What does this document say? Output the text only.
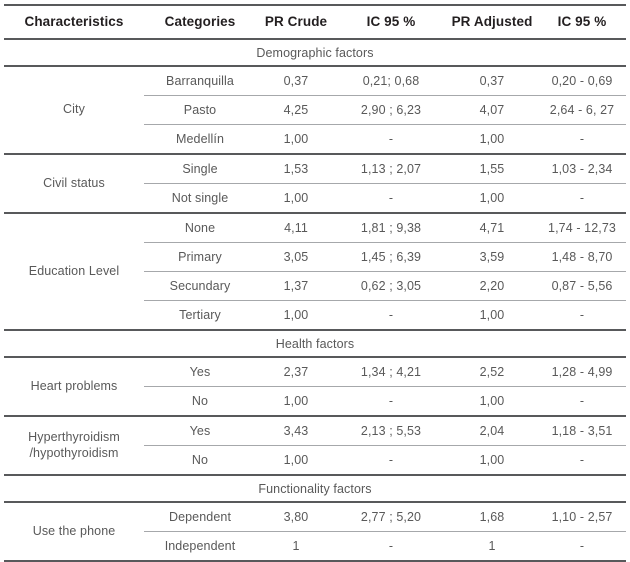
Characteristics	Categories	PR Crude	IC 95 %	PR Adjusted	IC 95 %
Demographic factors					
City	Barranquilla	0,37	0,21; 0,68	0,37	0,20 - 0,69
	Pasto	4,25	2,90 ; 6,23	4,07	2,64 - 6, 27
	Medellín	1,00	-	1,00	-
Civil status	Single	1,53	1,13 ; 2,07	1,55	1,03 - 2,34
	Not single	1,00	-	1,00	-
Education Level	None	4,11	1,81 ; 9,38	4,71	1,74 - 12,73
	Primary	3,05	1,45 ; 6,39	3,59	1,48 - 8,70
	Secundary	1,37	0,62 ; 3,05	2,20	0,87 - 5,56
	Tertiary	1,00	-	1,00	-
Health factors					
Heart problems	Yes	2,37	1,34 ; 4,21	2,52	1,28 - 4,99
	No	1,00	-	1,00	-
Hyperthyroidism
/hypothyroidism	Yes	3,43	2,13 ; 5,53	2,04	1,18 - 3,51
	No	1,00	-	1,00	-
Functionality factors					
Use the phone	Dependent	3,80	2,77 ; 5,20	1,68	1,10 - 2,57
	Independent	1	-	1	-
